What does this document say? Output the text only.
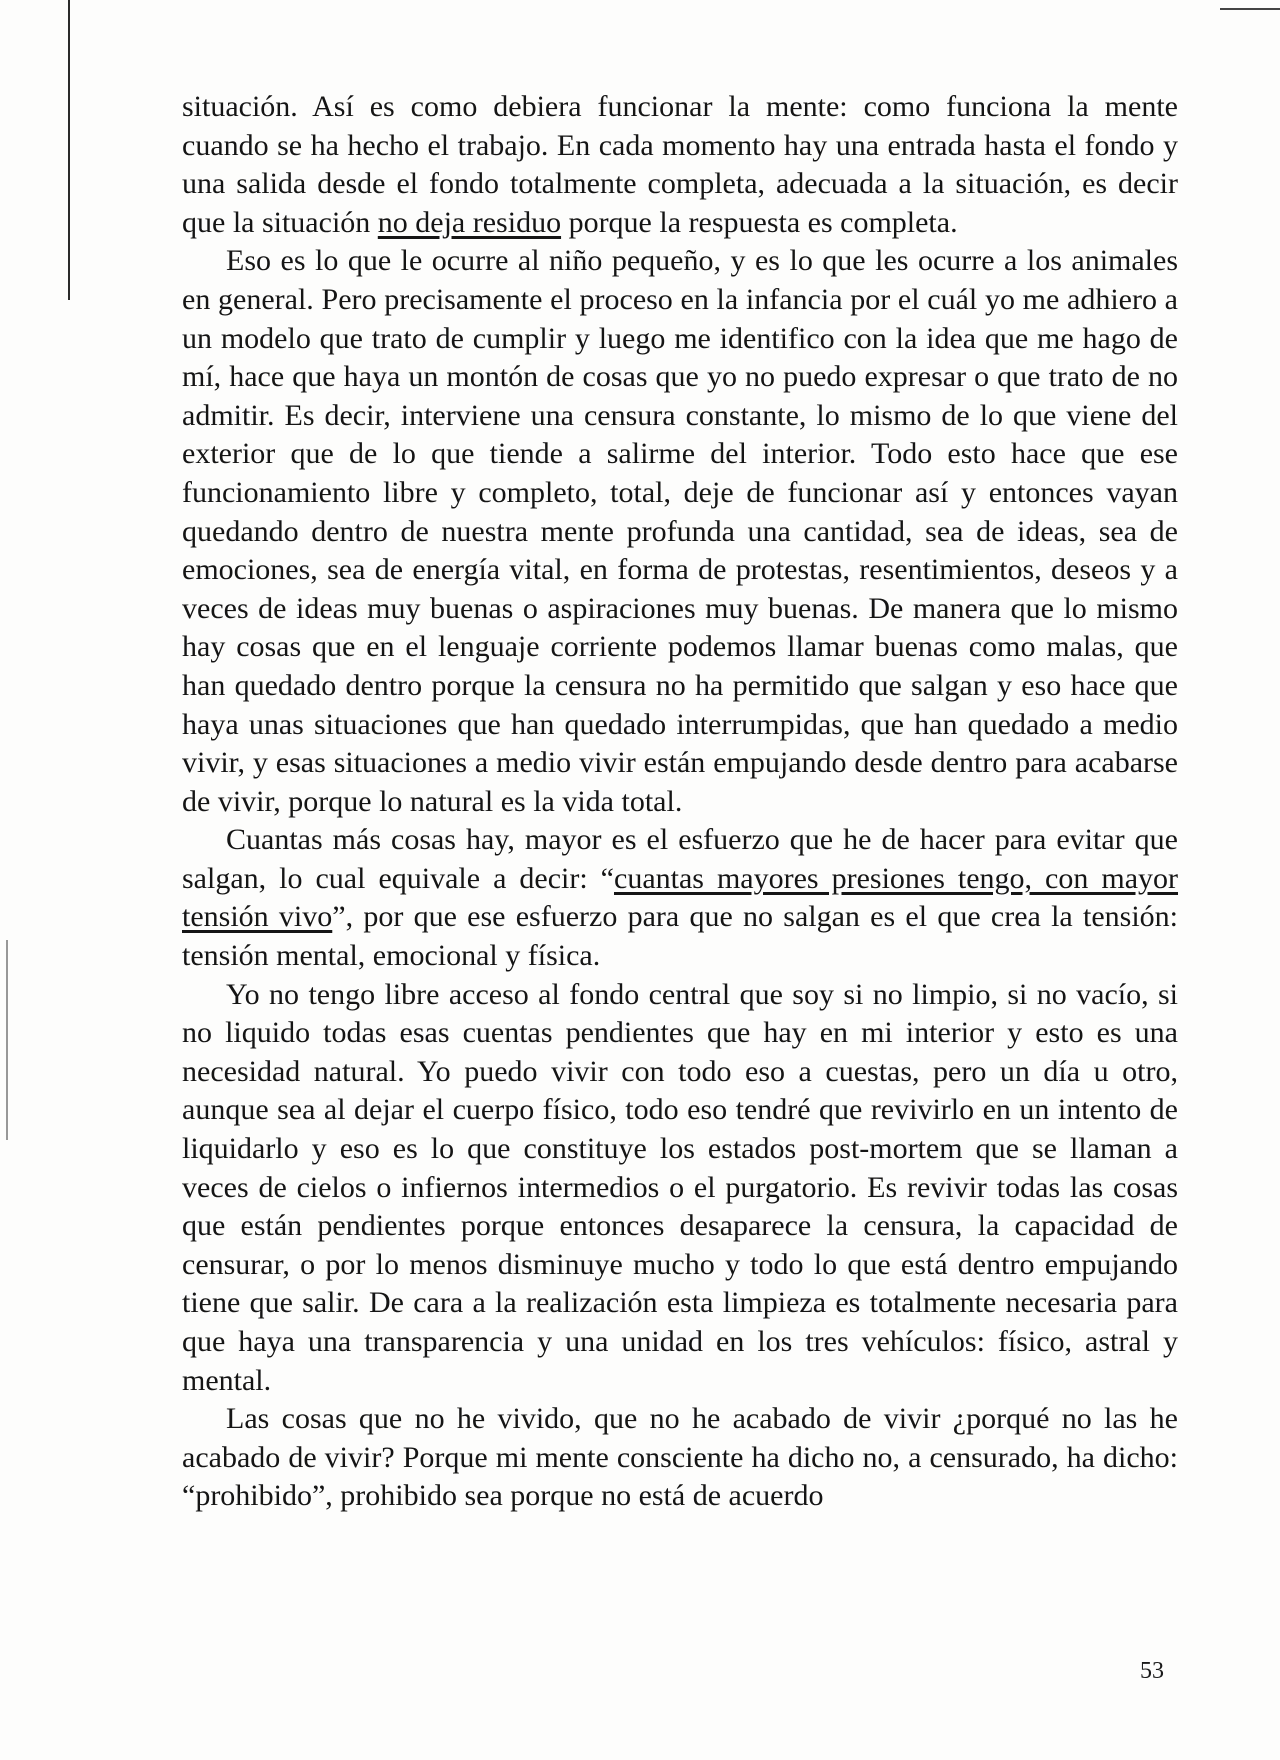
situación. Así es como debiera funcionar la mente: como funciona la mente cuando se ha hecho el trabajo. En cada momento hay una entrada hasta el fondo y una salida desde el fondo totalmente completa, adecuada a la situación, es decir que la situación no deja residuo porque la respuesta es completa.

Eso es lo que le ocurre al niño pequeño, y es lo que les ocurre a los animales en general. Pero precisamente el proceso en la infancia por el cuál yo me adhiero a un modelo que trato de cumplir y luego me identifico con la idea que me hago de mí, hace que haya un montón de cosas que yo no puedo expresar o que trato de no admitir. Es decir, interviene una censura constante, lo mismo de lo que viene del exterior que de lo que tiende a salirme del interior. Todo esto hace que ese funcionamiento libre y completo, total, deje de funcionar así y entonces vayan quedando dentro de nuestra mente profunda una cantidad, sea de ideas, sea de emociones, sea de energía vital, en forma de protestas, resentimientos, deseos y a veces de ideas muy buenas o aspiraciones muy buenas. De manera que lo mismo hay cosas que en el lenguaje corriente podemos llamar buenas como malas, que han quedado dentro porque la censura no ha permitido que salgan y eso hace que haya unas situaciones que han quedado interrumpidas, que han quedado a medio vivir, y esas situaciones a medio vivir están empujando desde dentro para acabarse de vivir, porque lo natural es la vida total.

Cuantas más cosas hay, mayor es el esfuerzo que he de hacer para evitar que salgan, lo cual equivale a decir: “cuantas mayores presiones tengo, con mayor tensión vivo”, por que ese esfuerzo para que no salgan es el que crea la tensión: tensión mental, emocional y física.

Yo no tengo libre acceso al fondo central que soy si no limpio, si no vacío, si no liquido todas esas cuentas pendientes que hay en mi interior y esto es una necesidad natural. Yo puedo vivir con todo eso a cuestas, pero un día u otro, aunque sea al dejar el cuerpo físico, todo eso tendré que revivirlo en un intento de liquidarlo y eso es lo que constituye los estados post-mortem que se llaman a veces de cielos o infiernos intermedios o el purgatorio. Es revivir todas las cosas que están pendientes porque entonces desaparece la censura, la capacidad de censurar, o por lo menos disminuye mucho y todo lo que está dentro empujando tiene que salir. De cara a la realización esta limpieza es totalmente necesaria para que haya una transparencia y una unidad en los tres vehículos: físico, astral y mental.

Las cosas que no he vivido, que no he acabado de vivir ¿porqué no las he acabado de vivir? Porque mi mente consciente ha dicho no, a censurado, ha dicho: “prohibido”, prohibido sea porque no está de acuerdo

53
